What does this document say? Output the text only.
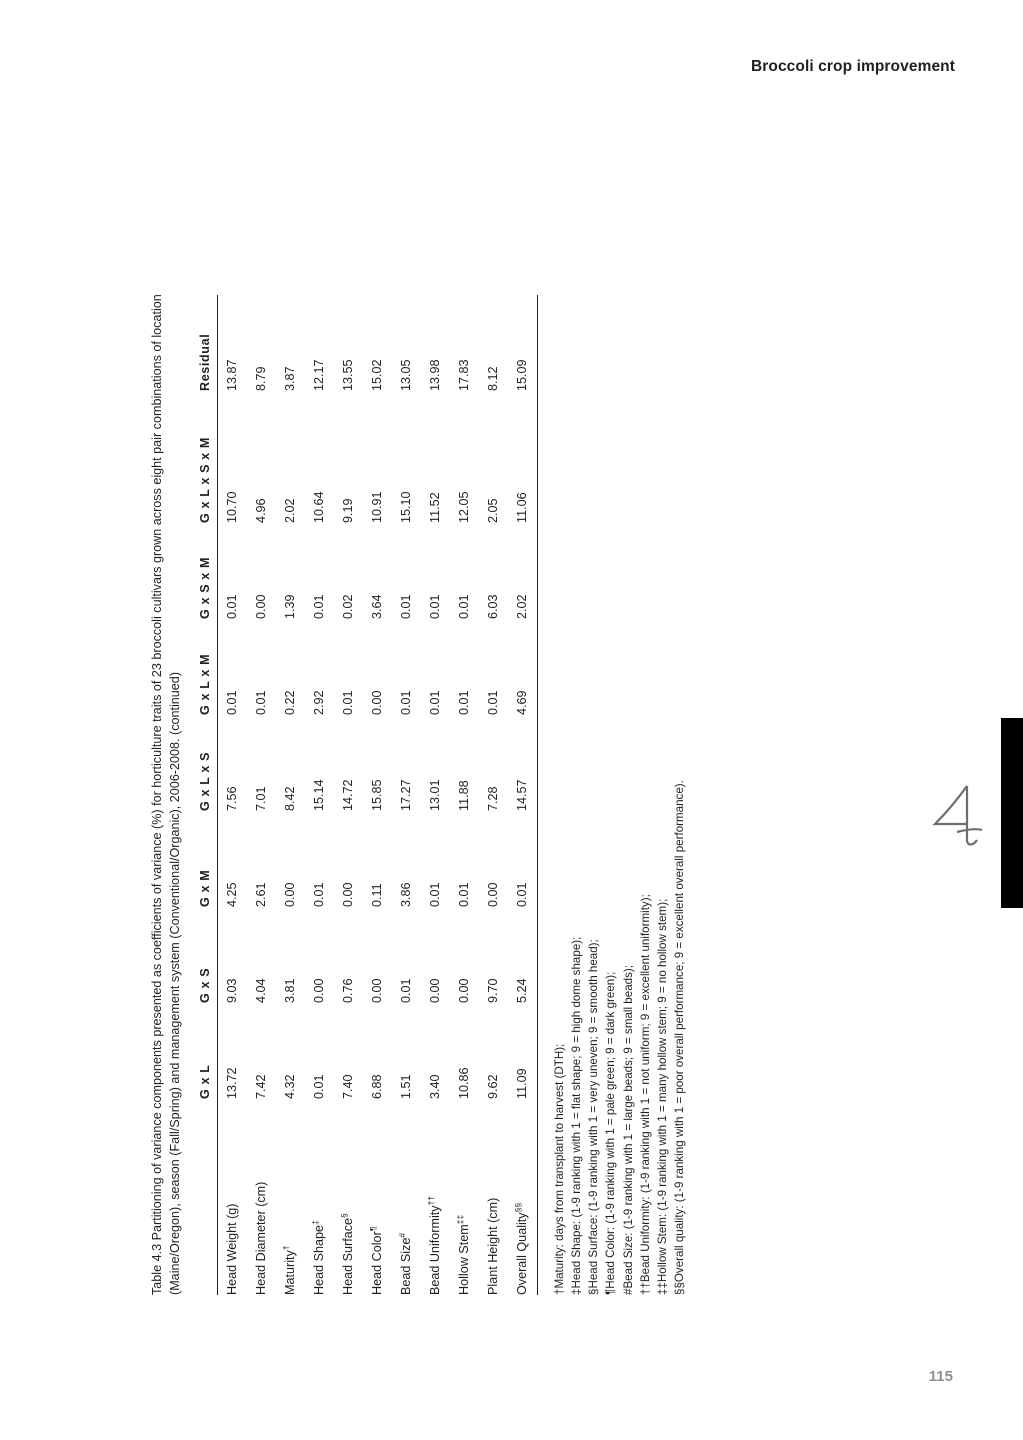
Broccoli crop improvement
Table 4.3 Partitioning of variance components presented as coefficients of variance (%) for horticulture traits of 23 broccoli cultivars grown across eight pair combinations of location (Maine/Oregon), season (Fall/Spring) and management system (Conventional/Organic), 2006-2008. (continued)
	G x L	G x S	G x M	G x L x S	G x L x M	G x S x M	G x L x S x M	Residual
Head Weight (g)	13.72	9.03	4.25	7.56	0.01	0.01	10.70	13.87
Head Diameter (cm)	7.42	4.04	2.61	7.01	0.01	0.00	4.96	8.79
Maturity†	4.32	3.81	0.00	8.42	0.22	1.39	2.02	3.87
Head Shape‡	0.01	0.00	0.01	15.14	2.92	0.01	10.64	12.17
Head Surface§	7.40	0.76	0.00	14.72	0.01	0.02	9.19	13.55
Head Color¶	6.88	0.00	0.11	15.85	0.00	3.64	10.91	15.02
Bead Size#	1.51	0.01	3.86	17.27	0.01	0.01	15.10	13.05
Bead Uniformity††	3.40	0.00	0.01	13.01	0.01	0.01	11.52	13.98
Hollow Stem‡‡	10.86	0.00	0.01	11.88	0.01	0.01	12.05	17.83
Plant Height (cm)	9.62	9.70	0.00	7.28	0.01	6.03	2.05	8.12
Overall Quality§§	11.09	5.24	0.01	14.57	4.69	2.02	11.06	15.09
†Maturity: days from transplant to harvest (DTH); ‡Head Shape: (1-9 ranking with 1 = flat shape; 9 = high dome shape); §Head Surface: (1-9 ranking with 1 = very uneven; 9 = smooth head); ¶Head Color: (1-9 ranking with 1 = pale green; 9 = dark green); #Bead Size: (1-9 ranking with 1 = large beads; 9 = small beads); ††Bead Uniformity: (1-9 ranking with 1 = not uniform; 9 = excellent uniformity); ‡‡Hollow Stem: (1-9 ranking with 1 = many hollow stem; 9 = no hollow stem); §§Overall quality: (1-9 ranking with 1 = poor overall performance; 9 = excellent overall performance).
115
